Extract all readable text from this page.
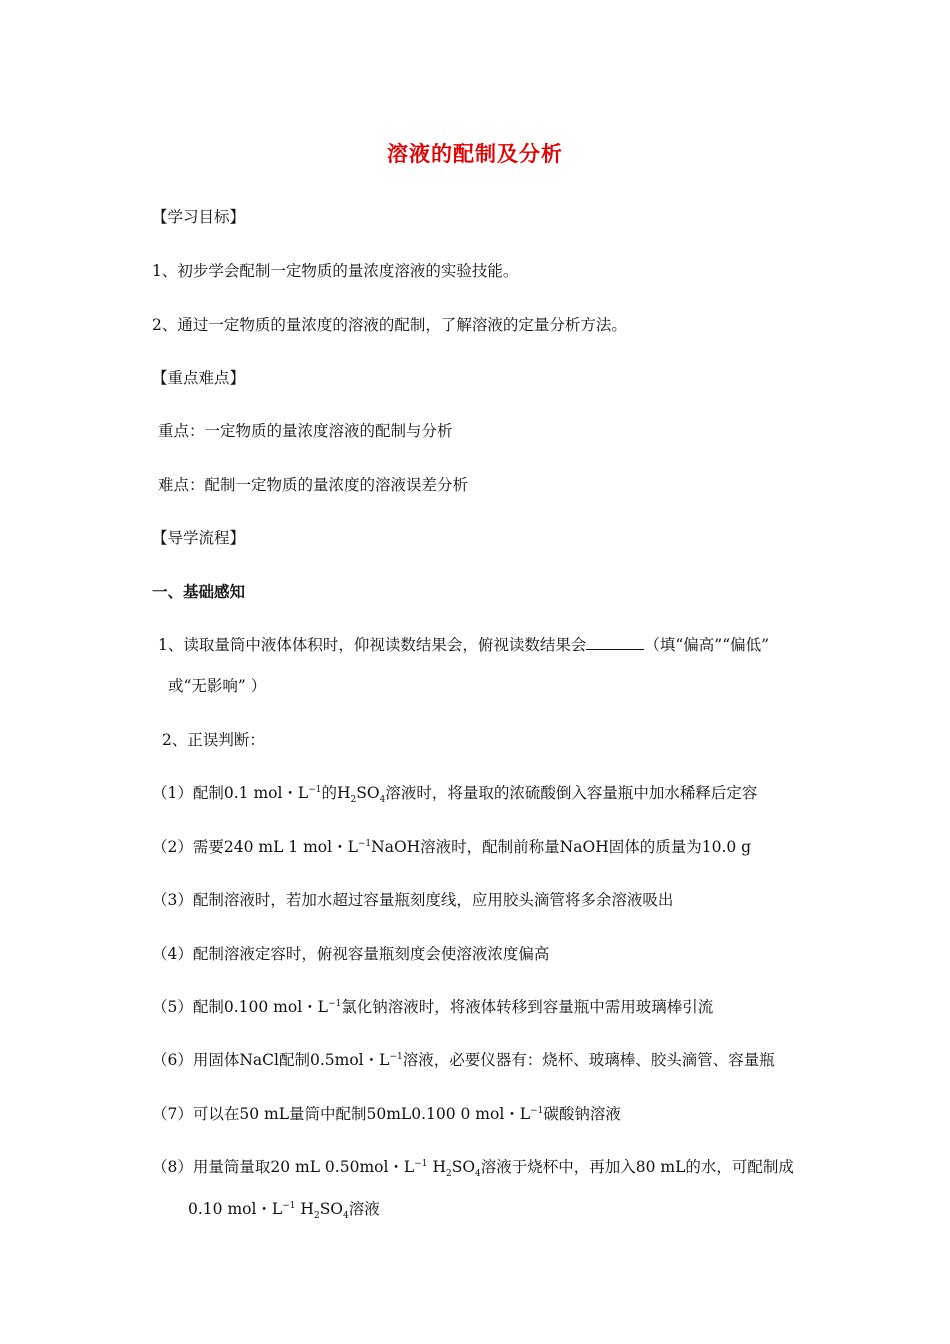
溶液的配制及分析
【学习目标】
1、初步学会配制一定物质的量浓度溶液的实验技能。
2、通过一定物质的量浓度的溶液的配制，了解溶液的定量分析方法。
【重点难点】
重点：一定物质的量浓度溶液的配制与分析
难点：配制一定物质的量浓度的溶液误差分析
【导学流程】
一、基础感知
1、读取量筒中液体体积时，仰视读数结果会，俯视读数结果会	（填“偏高”“偏低”
或“无影响” ）
2、正误判断：
（1）配制0.1 mol・$L^{-1}$的$H_2SO_4$溶液时，将量取的浓硫酸倒入容量瓶中加水稀释后定容
（2）需要240 mL 1 mol・$L^{-1}NaOH$溶液时，配制前称量NaOH固体的质量为10.0 g
（3）配制溶液时，若加水超过容量瓶刻度线，应用胶头滴管将多余溶液吸出
（4）配制溶液定容时，俯视容量瓶刻度会使溶液浓度偏高
（5）配制0.100 mol・$L^{-1}$氯化钠溶液时，将液体转移到容量瓶中需用玻璃棒引流
（6）用固体NaCl配制0.5mol・$L^{-1}$溶液，必要仪器有：烧杯、玻璃棒、胶头滴管、容量瓶
（7）可以在50 mL量筒中配制50mL0.100 0 mol・$L^{-1}$碳酸钠溶液
（8）用量筒量取20 mL 0.50mol・$L^{-1}$ $H_2SO_4$溶液于烧杯中，再加入80 mL的水，可配制成
0.10 mol・$L^{-1}$ $H_2SO_4$溶液
